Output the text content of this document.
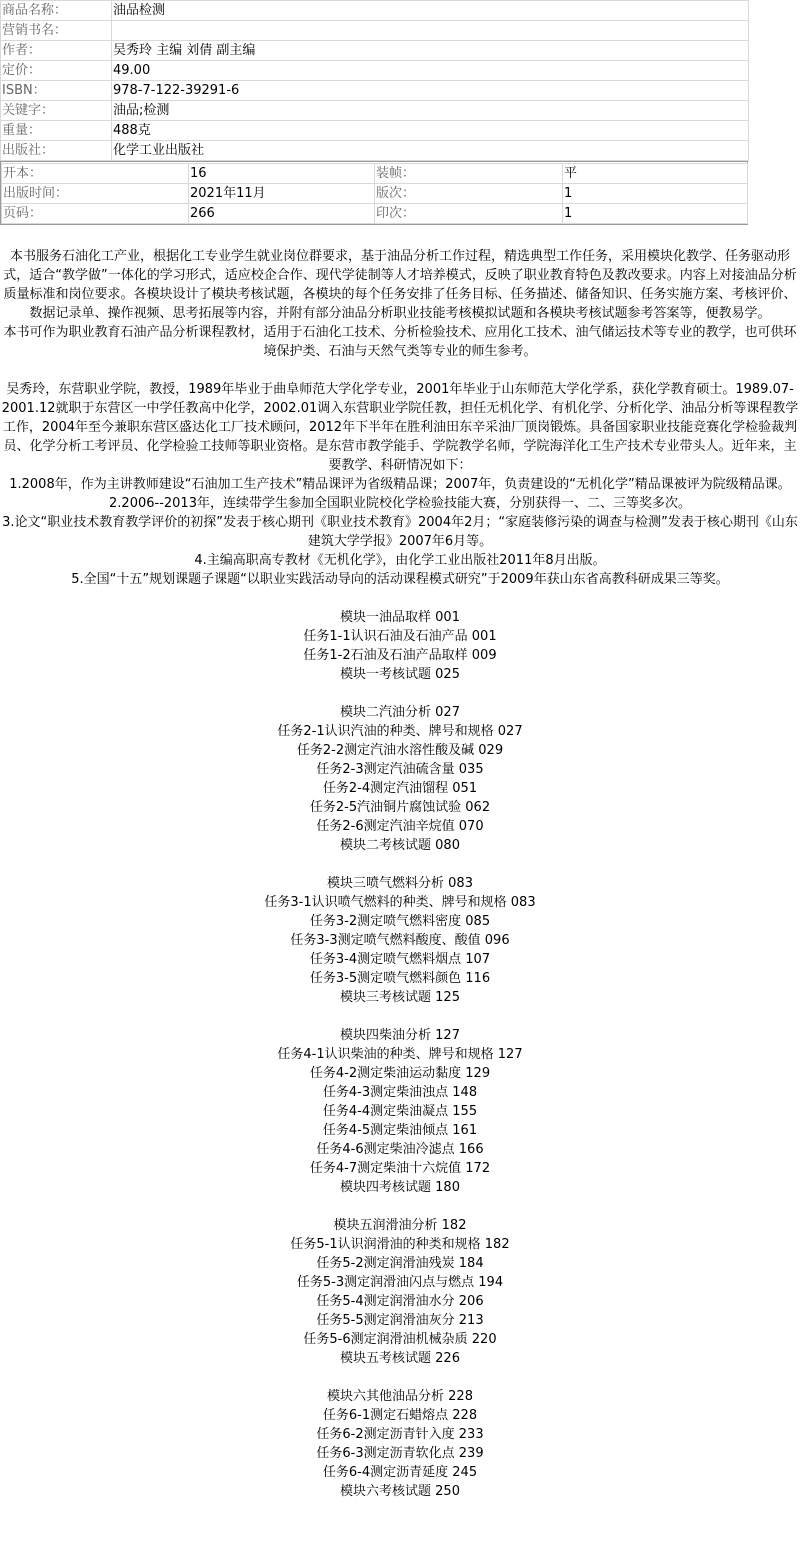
商品名称：	油品检测
营销书名：	
作者：	吴秀玲 主编 刘倩 副主编
定价：	49.00
ISBN：	978-7-122-39291-6
关键字：	油品;检测
重量：	488克
出版社：	化学工业出版社
开本：	16	装帧：	平
出版时间：	2021年11月	版次：	1
页码：	266	印次：	1

本书服务石油化工产业，根据化工专业学生就业岗位群要求，基于油品分析工作过程，精选典型工作任务，采用模块化教学、任务驱动形式，适合“教学做”一体化的学习形式，适应校企合作、现代学徒制等人才培养模式，反映了职业教育特色及教改要求。内容上对接油品分析质量标准和岗位要求。各模块设计了模块考核试题，各模块的每个任务安排了任务目标、任务描述、储备知识、任务实施方案、考核评价、数据记录单、操作视频、思考拓展等内容，并附有部分油品分析职业技能考核模拟试题和各模块考核试题参考答案等，便教易学。

本书可作为职业教育石油产品分析课程教材，适用于石油化工技术、分析检验技术、应用化工技术、油气储运技术等专业的教学，也可供环境保护类、石油与天然气类等专业的师生参考。

吴秀玲，东营职业学院，教授，1989年毕业于曲阜师范大学化学专业，2001年毕业于山东师范大学化学系，获化学教育硕士。1989.07-2001.12就职于东营区一中学任教高中化学，2002.01调入东营职业学院任教，担任无机化学、有机化学、分析化学、油品分析等课程教学工作，2004年至今兼职东营区盛达化工厂技术顾问，2012年下半年在胜利油田东辛采油厂顶岗锻炼。具备国家职业技能竞赛化学检验裁判员、化学分析工考评员、化学检验工技师等职业资格。是东营市教学能手、学院教学名师，学院海洋化工生产技术专业带头人。近年来，主要教学、科研情况如下：

1.2008年，作为主讲教师建设“石油加工生产技术”精品课评为省级精品课；2007年，负责建设的“无机化学”精品课被评为院级精品课。

2.2006--2013年，连续带学生参加全国职业院校化学检验技能大赛，分别获得一、二、三等奖多次。

3.论文“职业技术教育教学评价的初探”发表于核心期刊《职业技术教育》2004年2月；“家庭装修污染的调查与检测”发表于核心期刊《山东建筑大学学报》2007年6月等。

4.主编高职高专教材《无机化学》，由化学工业出版社2011年8月出版。

5.全国“十五”规划课题子课题“以职业实践活动导向的活动课程模式研究”于2009年获山东省高教科研成果三等奖。

模块一油品取样 001

任务1-1认识石油及石油产品 001

任务1-2石油及石油产品取样 009

模块一考核试题 025

模块二汽油分析 027

任务2-1认识汽油的种类、牌号和规格 027

任务2-2测定汽油水溶性酸及碱 029

任务2-3测定汽油硫含量 035

任务2-4测定汽油馏程 051

任务2-5汽油铜片腐蚀试验 062

任务2-6测定汽油辛烷值 070

模块二考核试题 080

模块三喷气燃料分析 083

任务3-1认识喷气燃料的种类、牌号和规格 083

任务3-2测定喷气燃料密度 085

任务3-3测定喷气燃料酸度、酸值 096

任务3-4测定喷气燃料烟点 107

任务3-5测定喷气燃料颜色 116

模块三考核试题 125

模块四柴油分析 127

任务4-1认识柴油的种类、牌号和规格 127

任务4-2测定柴油运动黏度 129

任务4-3测定柴油浊点 148

任务4-4测定柴油凝点 155

任务4-5测定柴油倾点 161

任务4-6测定柴油冷滤点 166

任务4-7测定柴油十六烷值 172

模块四考核试题 180

模块五润滑油分析 182

任务5-1认识润滑油的种类和规格 182

任务5-2测定润滑油残炭 184

任务5-3测定润滑油闪点与燃点 194

任务5-4测定润滑油水分 206

任务5-5测定润滑油灰分 213

任务5-6测定润滑油机械杂质 220

模块五考核试题 226

模块六其他油品分析 228

任务6-1测定石蜡熔点 228

任务6-2测定沥青针入度 233

任务6-3测定沥青软化点 239

任务6-4测定沥青延度 245

模块六考核试题 250
